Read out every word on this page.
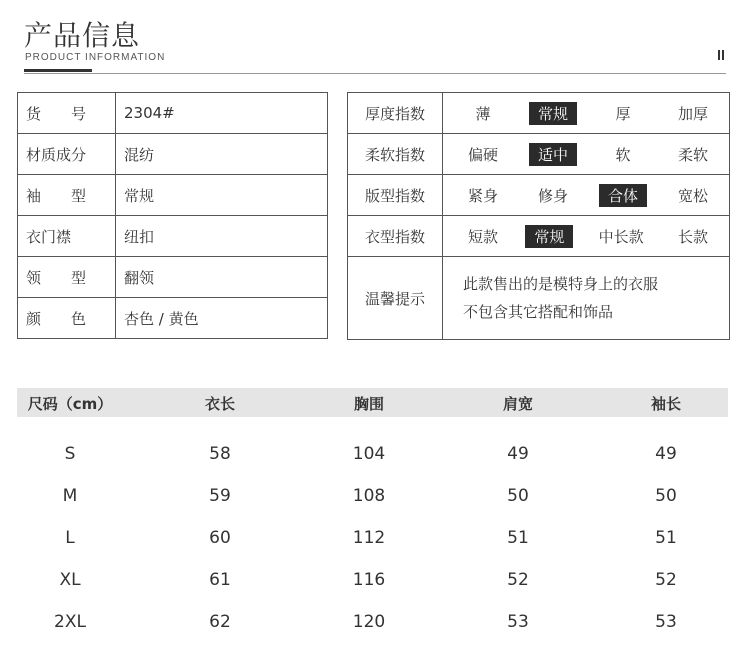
产品信息
PRODUCT INFORMATION
货　　号	2304#
材质成分	混纺
袖　　型	常规
衣门襟	纽扣
领　　型	翻领
颜　　色	杏色 / 黄色
厚度指数	薄 常规 厚 加厚

柔软指数	偏硬 适中 软 柔软

版型指数	紧身 修身 合体 宽松

衣型指数	短款 常规 中长款 长款

温馨提示	此款售出的是模特身上的衣服
不包含其它搭配和饰品
尺码（cm）	衣长	胸围	肩宽	袖长
S	58	104	49	49
M	59	108	50	50
L	60	112	51	51
XL	61	116	52	52
2XL	62	120	53	53
